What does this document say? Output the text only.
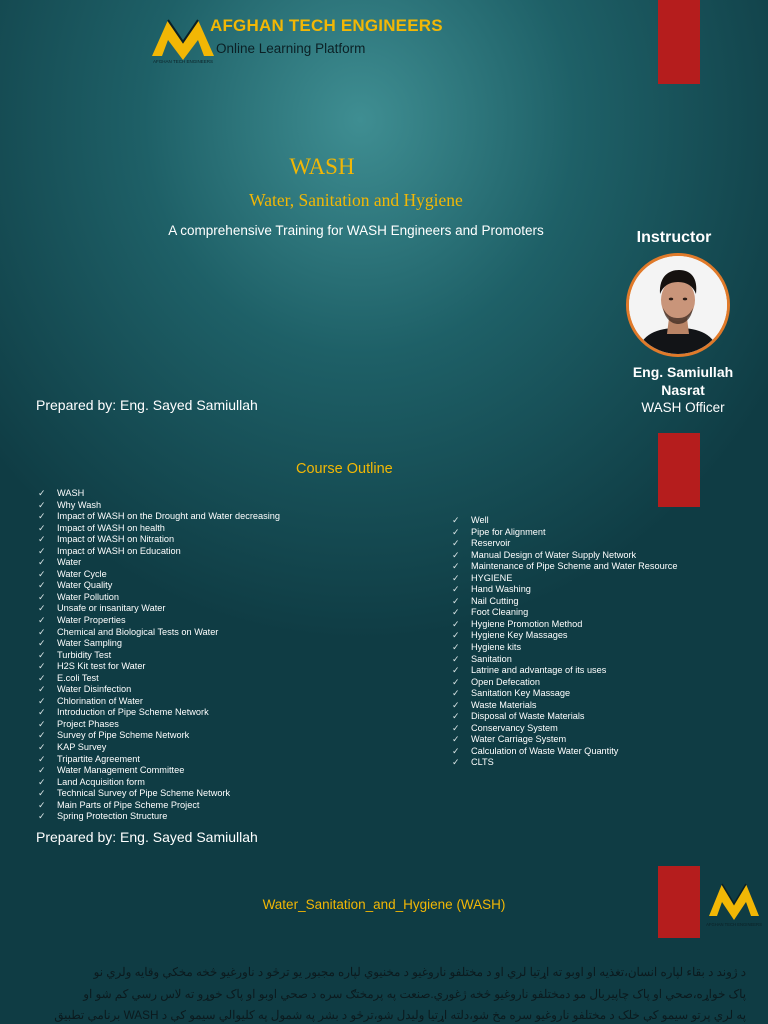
AFGHAN TECH ENGINEERS
AFGHAN TECH ENGINEERS
Online Learning Platform
WASH
Water, Sanitation and Hygiene
A comprehensive Training for WASH Engineers and Promoters	Instructor
Eng. Samiullah
Nasrat
WASH Officer
Prepared by: Eng. Sayed Samiullah
Course Outline
✓ WASH
✓ Why Wash
✓ Impact of WASH on the Drought and Water decreasing
✓ Impact of WASH on health
✓ Impact of WASH on Nitration
✓ Impact of WASH on Education
✓ Water
✓ Water Cycle
✓ Water Quality
✓ Water Pollution
✓ Unsafe or insanitary Water
✓ Water Properties
✓ Chemical and Biological Tests on Water
✓ Water Sampling
✓ Turbidity Test
✓ H2S Kit test for Water
✓ E.coli Test
✓ Water Disinfection
✓ Chlorination of Water
✓ Introduction of Pipe Scheme Network
✓ Project Phases
✓ Survey of Pipe Scheme Network
✓ KAP Survey
✓ Tripartite Agreement
✓ Water Management Committee
✓ Land Acquisition form
✓ Technical Survey of Pipe Scheme Network
✓ Main Parts of Pipe Scheme Project
✓ Spring Protection Structure
✓ Well
✓ Pipe for Alignment
✓ Reservoir
✓ Manual Design of Water Supply Network
✓ Maintenance of Pipe Scheme and Water Resource
✓ HYGIENE
✓ Hand Washing
✓ Nail Cutting
✓ Foot Cleaning
✓ Hygiene Promotion Method
✓ Hygiene Key Massages
✓ Hygiene kits
✓ Sanitation
✓ Latrine and advantage of its uses
✓ Open Defecation
✓ Sanitation Key Massage
✓ Waste Materials
✓ Disposal of Waste Materials
✓ Conservancy System
✓ Water Carriage System
✓ Calculation of Waste Water Quantity
✓ CLTS
Prepared by: Eng. Sayed Samiullah
AFGHAN TECH ENGINEERS
Water_Sanitation_and_Hygiene (WASH)
د ژوند د بقاء لپاره انسان،تغذیه او اوبو ته اړتیا لري او د مختلفو ناروغیو د مخنیوي لپاره مجبور یو ترڅو د ناورغیو څخه مخکې وقایه ولري نو
پاک خواړه،صحي او پاک چاپیربال مو دمختلفو ناروغیو څخه ژغوري.صنعت په پرمختګ سره د صحي اوبو او پاک خوړو ته لاس رسي کم شو او
په لري پرتو سیمو کې خلک د مختلفو ناروغیو سره مخ شو،دلته اړتیا ولیدل شو،ترڅو د بشر په شمول په کلیوالي سیمو کې د WASH برنامې تطبیق
